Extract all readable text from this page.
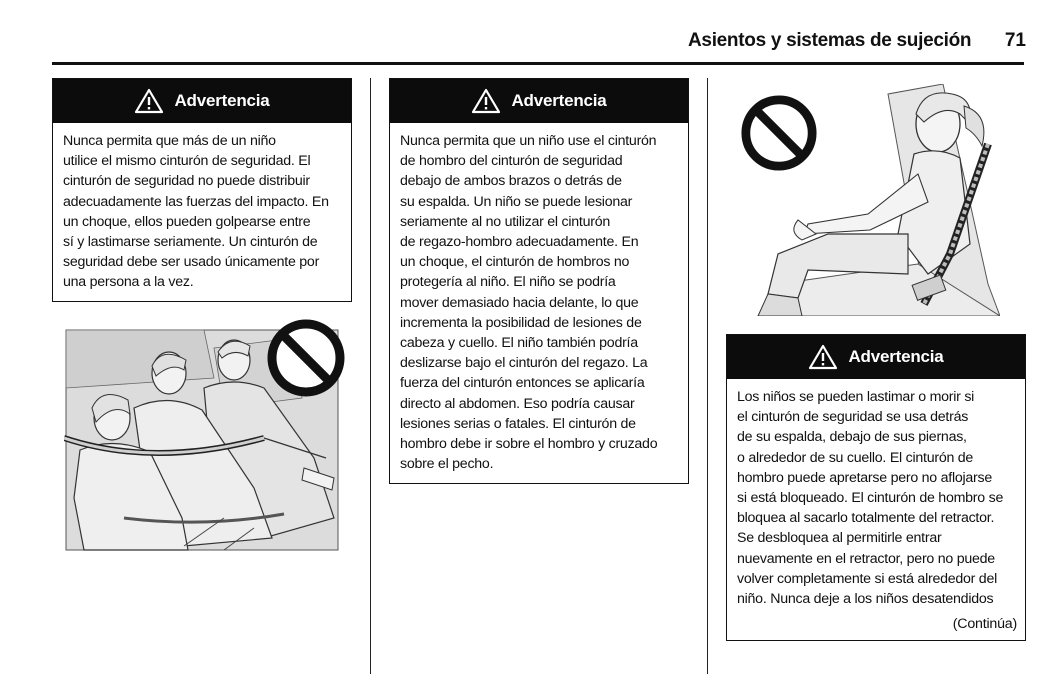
Asientos y sistemas de sujeción 71
Advertencia

Nunca permita que más de un niño

utilice el mismo cinturón de seguridad. El

cinturón de seguridad no puede distribuir

adecuadamente las fuerzas del impacto. En

un choque, ellos pueden golpearse entre

sí y lastimarse seriamente. Un cinturón de

seguridad debe ser usado únicamente por

una persona a la vez.

Advertencia

Nunca permita que un niño use el cinturón

de hombro del cinturón de seguridad

debajo de ambos brazos o detrás de

su espalda. Un niño se puede lesionar

seriamente al no utilizar el cinturón

de regazo-hombro adecuadamente. En

un choque, el cinturón de hombros no

protegería al niño. El niño se podría

mover demasiado hacia delante, lo que

incrementa la posibilidad de lesiones de

cabeza y cuello. El niño también podría

deslizarse bajo el cinturón del regazo. La

fuerza del cinturón entonces se aplicaría

directo al abdomen. Eso podría causar

lesiones serias o fatales. El cinturón de

hombro debe ir sobre el hombro y cruzado

sobre el pecho.

Advertencia

Los niños se pueden lastimar o morir si

el cinturón de seguridad se usa detrás

de su espalda, debajo de sus piernas,

o alrededor de su cuello. El cinturón de

hombro puede apretarse pero no aflojarse

si está bloqueado. El cinturón de hombro se

bloquea al sacarlo totalmente del retractor.

Se desbloquea al permitirle entrar

nuevamente en el retractor, pero no puede

volver completamente si está alrededor del

niño. Nunca deje a los niños desatendidos

(Continúa)
